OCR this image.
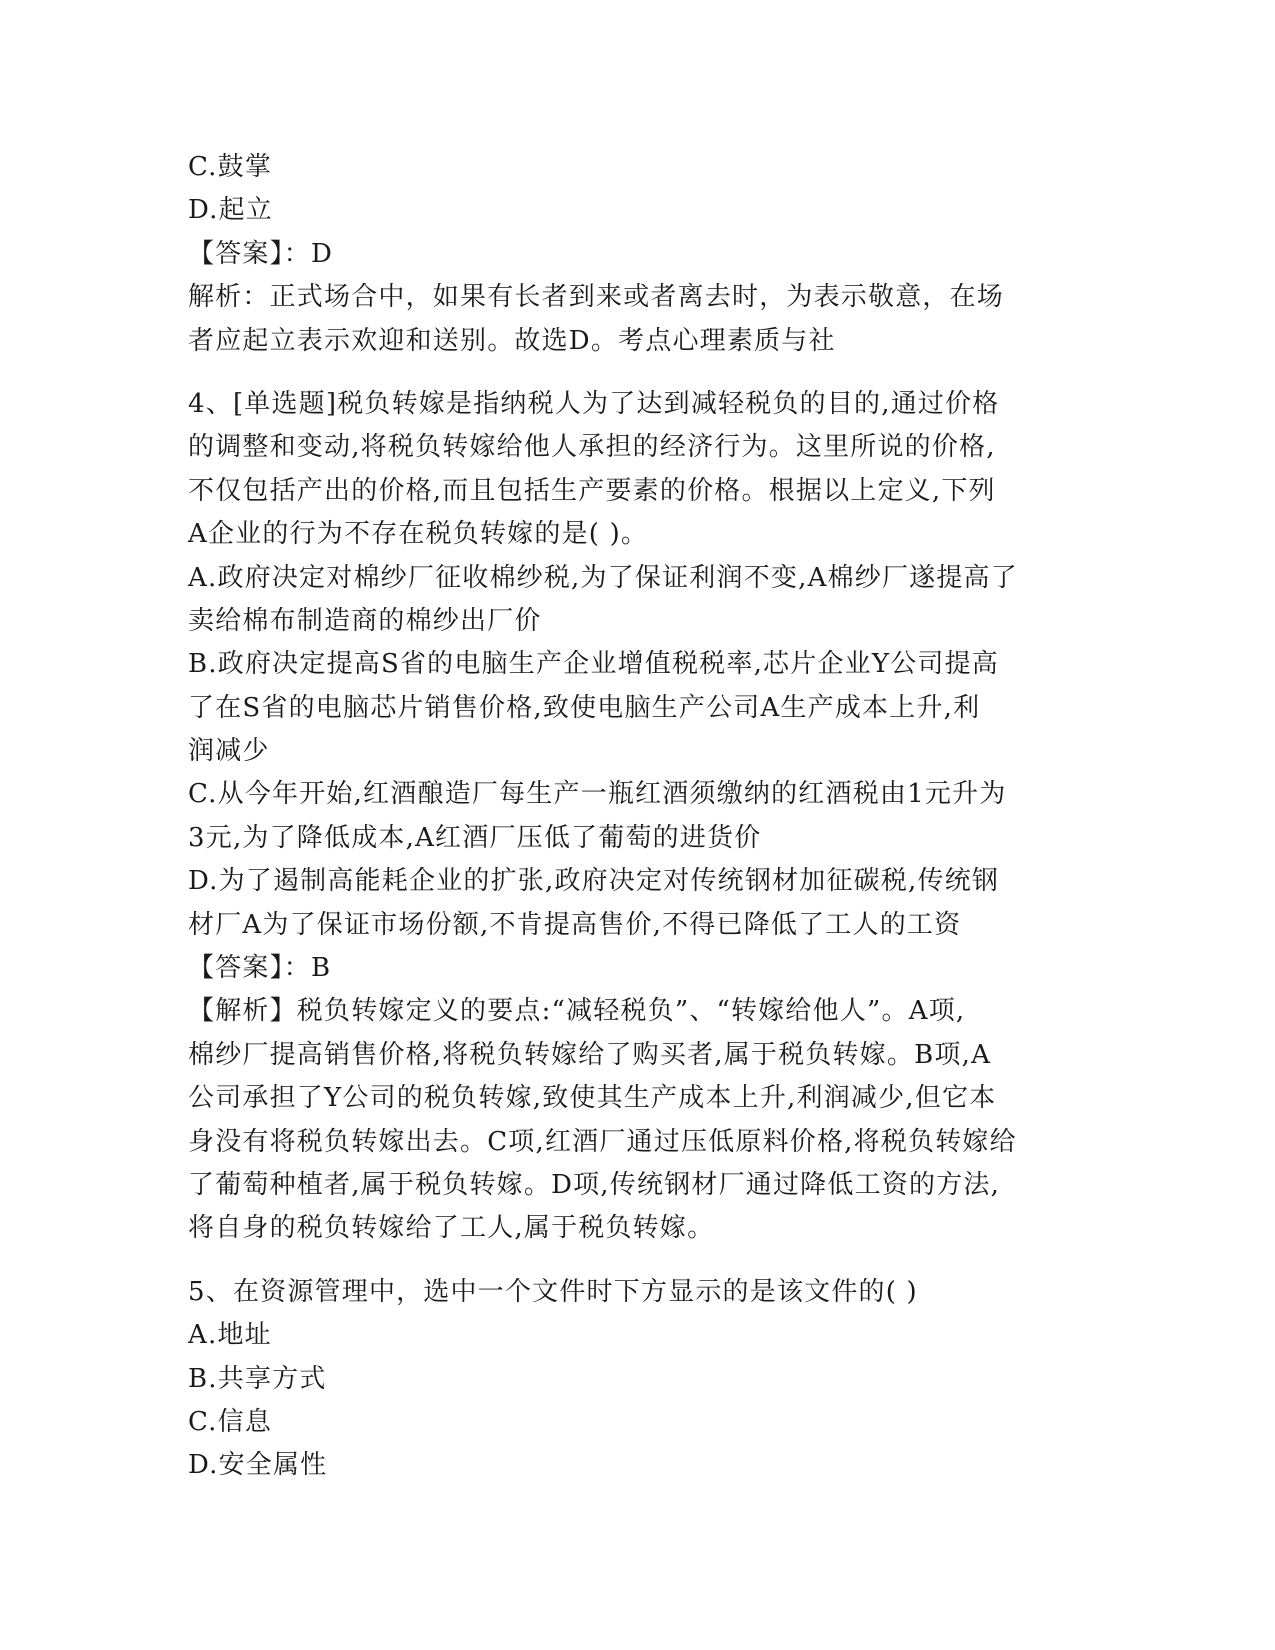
C.鼓掌
D.起立
【答案】：D
解析：正式场合中，如果有长者到来或者离去时，为表示敬意，在场
者应起立表示欢迎和送别。故选D。考点心理素质与社
4、[单选题]税负转嫁是指纳税人为了达到减轻税负的目的,通过价格
的调整和变动,将税负转嫁给他人承担的经济行为。这里所说的价格,
不仅包括产出的价格,而且包括生产要素的价格。根据以上定义,下列
A企业的行为不存在税负转嫁的是( )。
A.政府决定对棉纱厂征收棉纱税,为了保证利润不变,A棉纱厂遂提高了
卖给棉布制造商的棉纱出厂价
B.政府决定提高S省的电脑生产企业增值税税率,芯片企业Y公司提高
了在S省的电脑芯片销售价格,致使电脑生产公司A生产成本上升,利
润减少
C.从今年开始,红酒酿造厂每生产一瓶红酒须缴纳的红酒税由1元升为
3元,为了降低成本,A红酒厂压低了葡萄的进货价
D.为了遏制高能耗企业的扩张,政府决定对传统钢材加征碳税,传统钢
材厂A为了保证市场份额,不肯提高售价,不得已降低了工人的工资
【答案】：B
【解析】税负转嫁定义的要点:“减轻税负”、“转嫁给他人”。A项,
棉纱厂提高销售价格,将税负转嫁给了购买者,属于税负转嫁。B项,A
公司承担了Y公司的税负转嫁,致使其生产成本上升,利润减少,但它本
身没有将税负转嫁出去。C项,红酒厂通过压低原料价格,将税负转嫁给
了葡萄种植者,属于税负转嫁。D项,传统钢材厂通过降低工资的方法,
将自身的税负转嫁给了工人,属于税负转嫁。
5、在资源管理中，选中一个文件时下方显示的是该文件的( )
A.地址
B.共享方式
C.信息
D.安全属性
